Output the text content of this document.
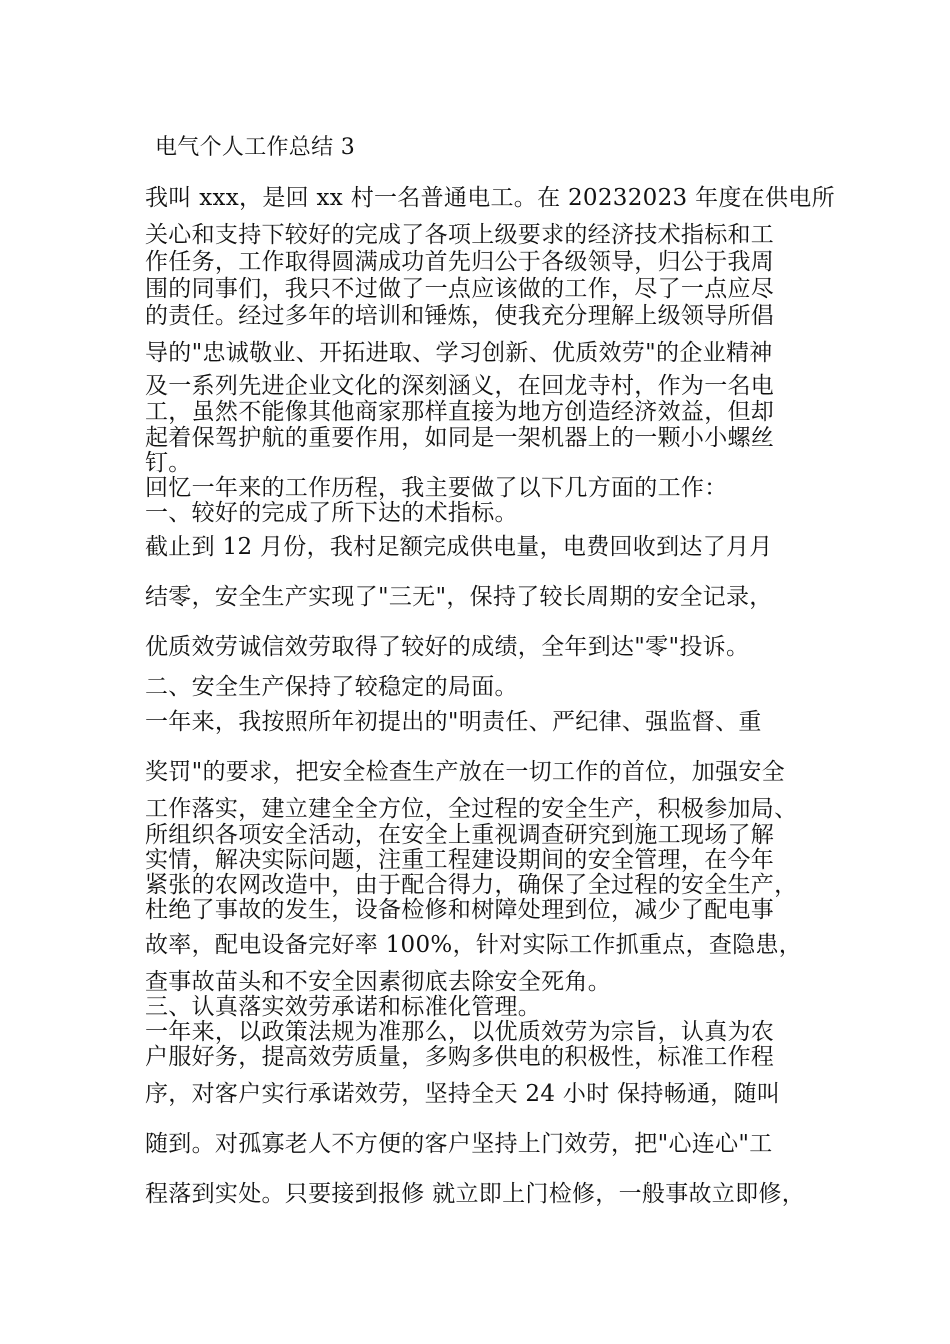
电气个人工作总结 3

我叫 xxx，是回 xx 村一名普通电工。在 20232023 年度在供电所

关心和支持下较好的完成了各项上级要求的经济技术指标和工

作任务，工作取得圆满成功首先归公于各级领导，归公于我周

围的同事们，我只不过做了一点应该做的工作，尽了一点应尽

的责任。经过多年的培训和锤炼，使我充分理解上级领导所倡

导的"忠诚敬业、开拓进取、学习创新、优质效劳"的企业精神

及一系列先进企业文化的深刻涵义，在回龙寺村，作为一名电

工，虽然不能像其他商家那样直接为地方创造经济效益，但却

起着保驾护航的重要作用，如同是一架机器上的一颗小小螺丝

钉。

回忆一年来的工作历程，我主要做了以下几方面的工作：

一、较好的完成了所下达的术指标。

截止到 12 月份，我村足额完成供电量，电费回收到达了月月

结零，安全生产实现了"三无"，保持了较长周期的安全记录，

优质效劳诚信效劳取得了较好的成绩，全年到达"零"投诉。

二、安全生产保持了较稳定的局面。

一年来，我按照所年初提出的"明责任、严纪律、强监督、重

奖罚"的要求，把安全检查生产放在一切工作的首位，加强安全

工作落实，建立建全全方位，全过程的安全生产，积极参加局、

所组织各项安全活动，在安全上重视调查研究到施工现场了解

实情，解决实际问题，注重工程建设期间的安全管理，在今年

紧张的农网改造中，由于配合得力，确保了全过程的安全生产，

杜绝了事故的发生，设备检修和树障处理到位，减少了配电事

故率，配电设备完好率 100%，针对实际工作抓重点，查隐患，

查事故苗头和不安全因素彻底去除安全死角。

三、认真落实效劳承诺和标准化管理。

一年来，以政策法规为准那么，以优质效劳为宗旨，认真为农

户服好务，提高效劳质量，多购多供电的积极性，标准工作程

序，对客户实行承诺效劳，坚持全天 24 小时 保持畅通，随叫

随到。对孤寡老人不方便的客户坚持上门效劳，把"心连心"工

程落到实处。只要接到报修 就立即上门检修，一般事故立即修，
